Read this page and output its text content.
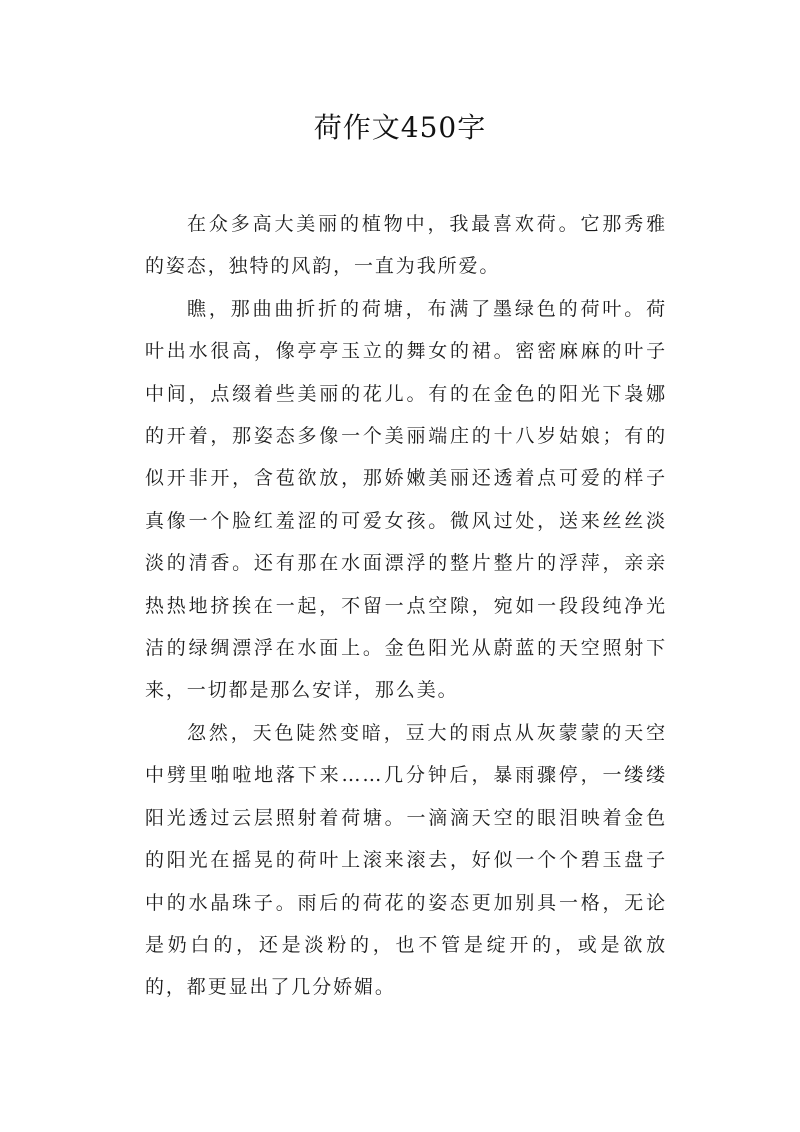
荷作文450字

在众多高大美丽的植物中，我最喜欢荷。它那秀雅的姿态，独特的风韵，一直为我所爱。

瞧，那曲曲折折的荷塘，布满了墨绿色的荷叶。荷叶出水很高，像亭亭玉立的舞女的裙。密密麻麻的叶子中间，点缀着些美丽的花儿。有的在金色的阳光下袅娜的开着，那姿态多像一个美丽端庄的十八岁姑娘；有的似开非开，含苞欲放，那娇嫩美丽还透着点可爱的样子真像一个脸红羞涩的可爱女孩。微风过处，送来丝丝淡淡的清香。还有那在水面漂浮的整片整片的浮萍，亲亲热热地挤挨在一起，不留一点空隙，宛如一段段纯净光洁的绿绸漂浮在水面上。金色阳光从蔚蓝的天空照射下来，一切都是那么安详，那么美。

忽然，天色陡然变暗，豆大的雨点从灰蒙蒙的天空中劈里啪啦地落下来……几分钟后，暴雨骤停，一缕缕阳光透过云层照射着荷塘。一滴滴天空的眼泪映着金色的阳光在摇晃的荷叶上滚来滚去，好似一个个碧玉盘子中的水晶珠子。雨后的荷花的姿态更加别具一格，无论是奶白的，还是淡粉的，也不管是绽开的，或是欲放的，都更显出了几分娇媚。
